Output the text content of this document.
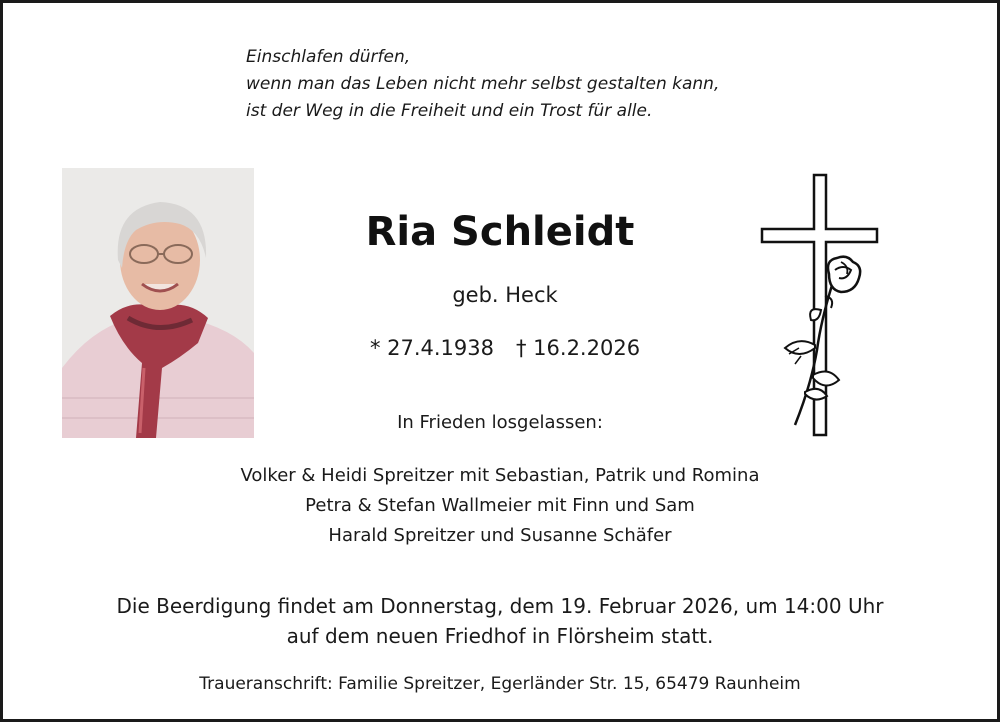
Einschlafen dürfen,
wenn man das Leben nicht mehr selbst gestalten kann,
ist der Weg in die Freiheit und ein Trost für alle.
Ria Schleidt
geb. Heck
* 27.4.1938 † 16.2.2026
In Frieden losgelassen:
Volker & Heidi Spreitzer mit Sebastian, Patrik und Romina
Petra & Stefan Wallmeier mit Finn und Sam
Harald Spreitzer und Susanne Schäfer
Die Beerdigung findet am Donnerstag, dem 19. Februar 2026, um 14:00 Uhr
auf dem neuen Friedhof in Flörsheim statt.
Traueranschrift: Familie Spreitzer, Egerländer Str. 15, 65479 Raunheim
